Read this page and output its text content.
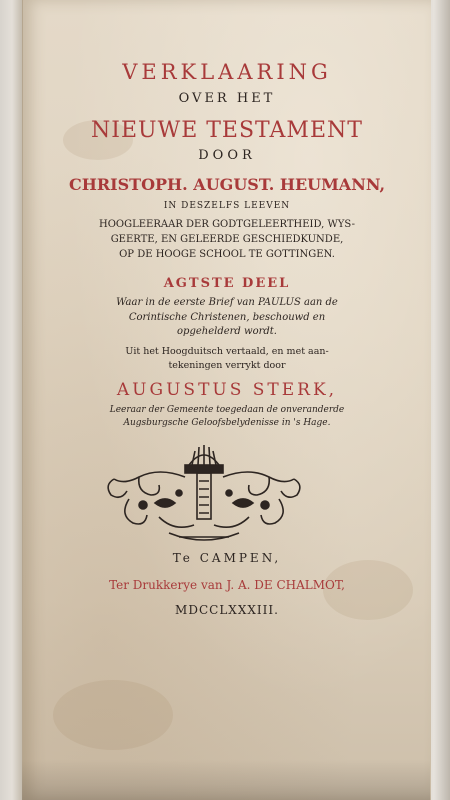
VERKLAARING

OVER HET

NIEUWE TESTAMENT

DOOR

CHRISTOPH. AUGUST. HEUMANN,

IN DESZELFS LEEVEN

HOOGLEERAAR DER GODTGELEERTHEID, WYS-

GEERTE, EN GELEERDE GESCHIEDKUNDE,

OP DE HOOGE SCHOOL TE GOTTINGEN.

AGTSTE DEEL

Waar in de eerste Brief van PAULUS aan de

Corintische Christenen, beschouwd en

opgehelderd wordt.

Uit het Hoogduitsch vertaald, en met aan-

tekeningen verrykt door

AUGUSTUS STERK,

Leeraar der Gemeente toegedaan de onveranderde

Augsburgsche Geloofsbelydenisse in 's Hage.

Te CAMPEN,

Ter Drukkerye van J. A. DE CHALMOT,

MDCCLXXXIII.
